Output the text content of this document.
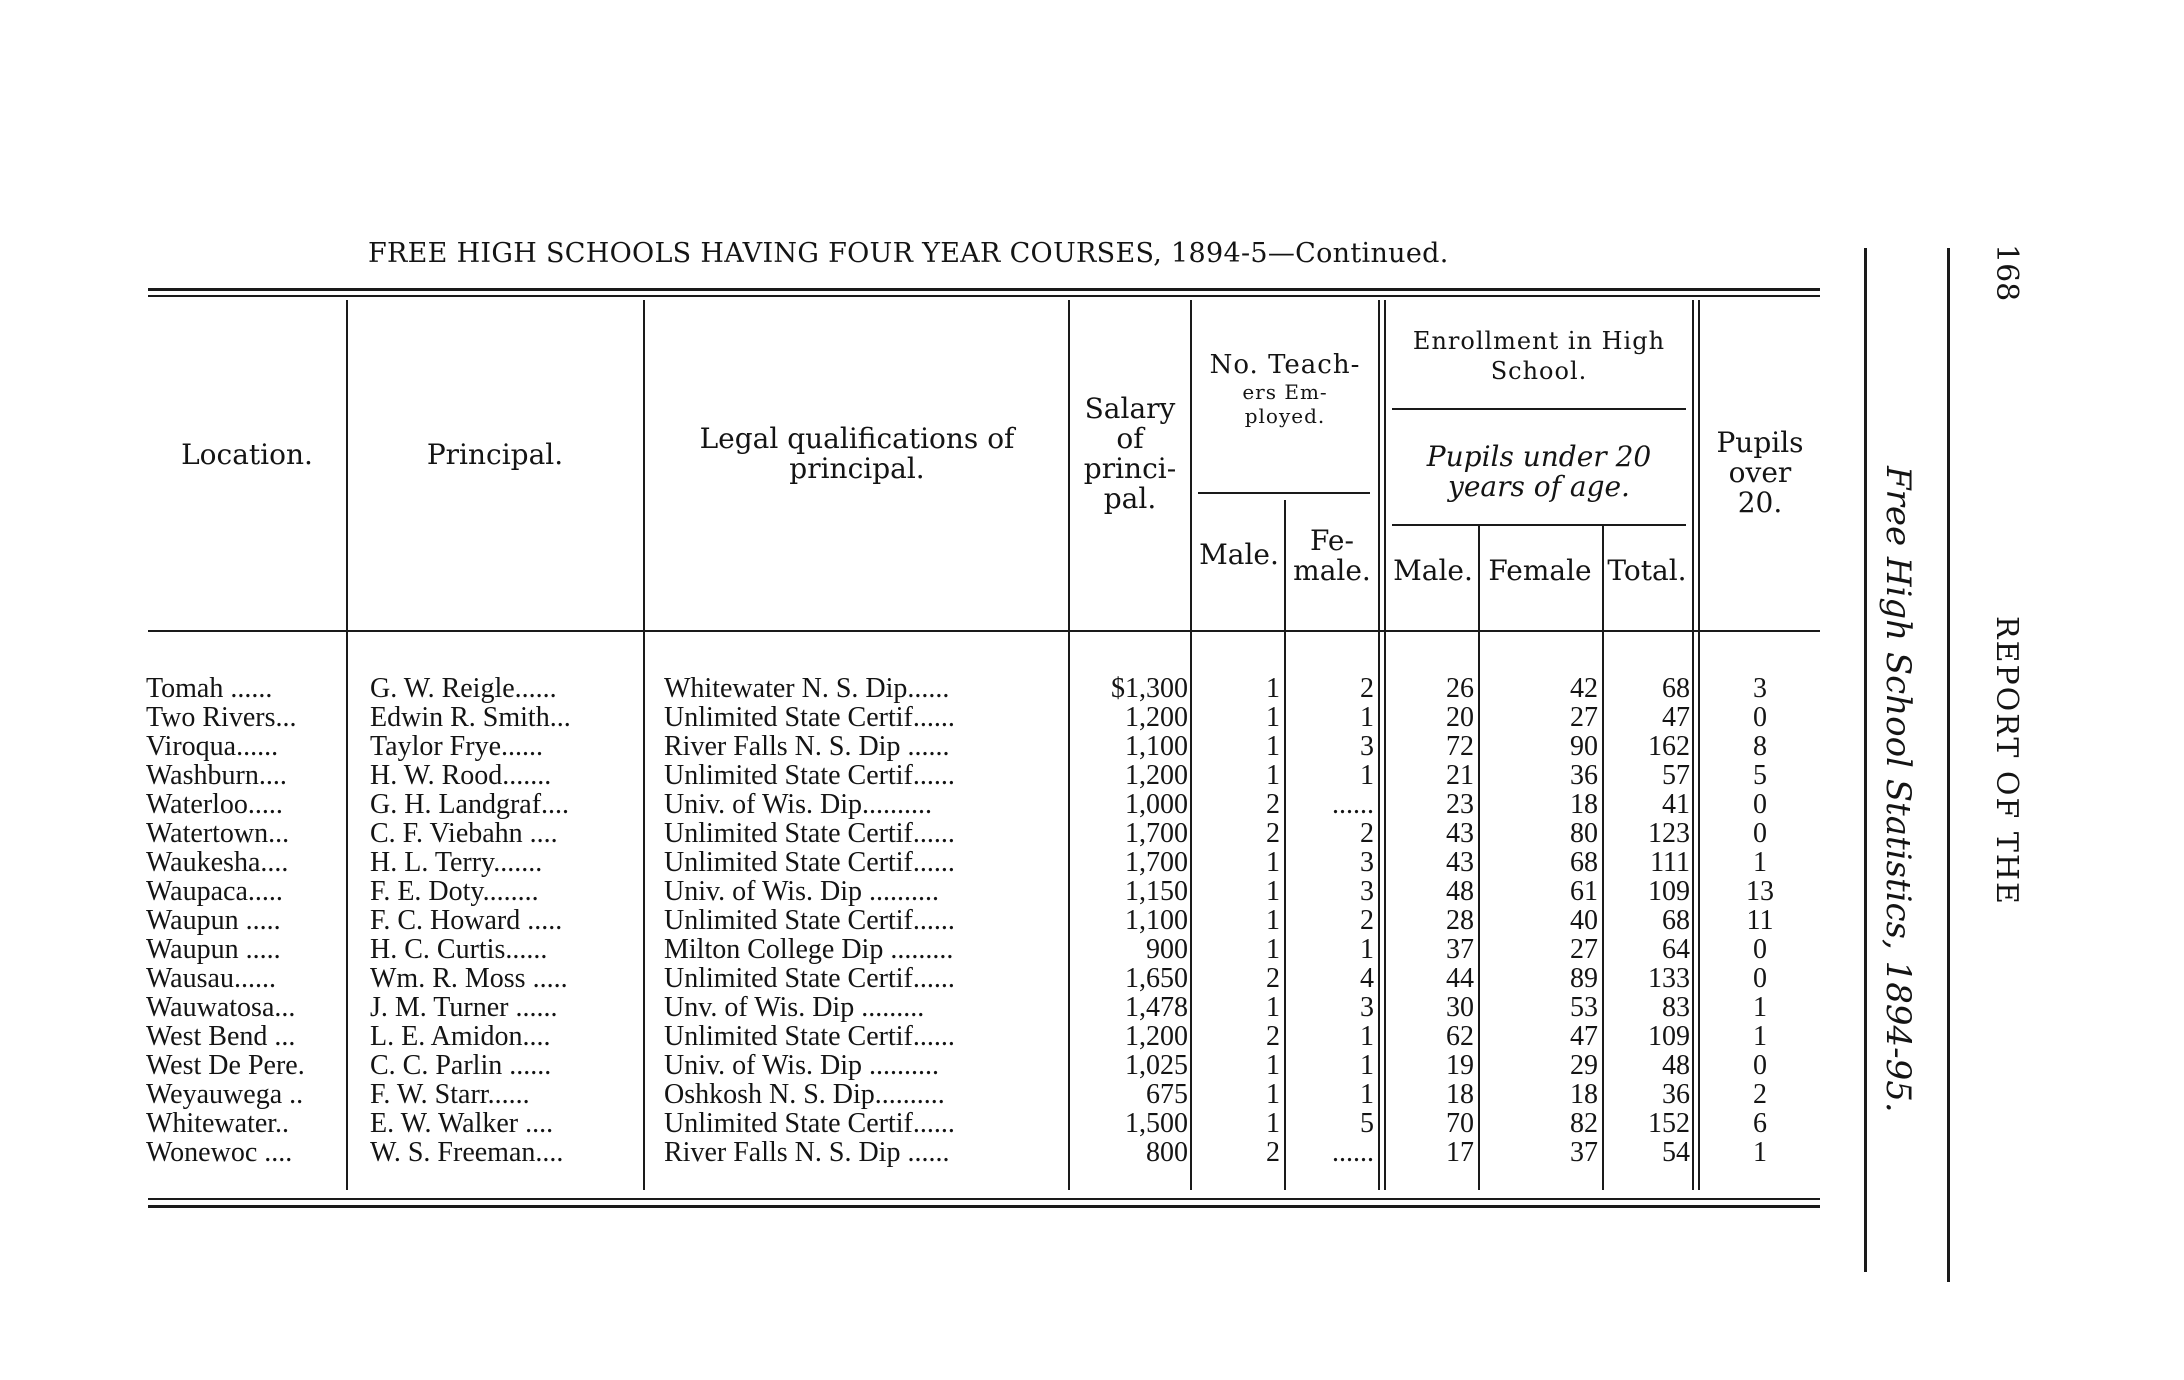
FREE HIGH SCHOOLS HAVING FOUR YEAR COURSES, 1894-5—Continued.
Location.	Principal.	Legal qualifications of
principal.
Salary
of
princi-
pal.
No. Teach-
ers Em-
ployed.
Male.	Fe-
male.
Enrollment in High
School.
Pupils under 20
years of age.
Male. Female Total.
Pupils
over 20.
Tomah ......	G. W. Reigle......	Whitewater N. S. Dip......	$1,300	1	2	26	42	68	3
Two Rivers...	Edwin R. Smith...	Unlimited State Certif......	1,200	1	1	20	27	47	0
Viroqua......	Taylor Frye......	River Falls N. S. Dip ......	1,100	1	3	72	90	162	8
Washburn....	H. W. Rood.......	Unlimited State Certif......	1,200	1	1	21	36	57	5
Waterloo.....	G. H. Landgraf....	Univ. of Wis. Dip..........	1,000	2	......	23	18	41	0
Watertown...	C. F. Viebahn ....	Unlimited State Certif......	1,700	2	2	43	80	123	0
Waukesha....	H. L. Terry.......	Unlimited State Certif......	1,700	1	3	43	68	111	1
Waupaca.....	F. E. Doty........	Univ. of Wis. Dip ..........	1,150	1	3	48	61	109	13
Waupun .....	F. C. Howard .....	Unlimited State Certif......	1,100	1	2	28	40	68	11
Waupun .....	H. C. Curtis......	Milton College Dip .........	900	1	1	37	27	64	0
Wausau......	Wm. R. Moss .....	Unlimited State Certif......	1,650	2	4	44	89	133	0
Wauwatosa...	J. M. Turner ......	Unv. of Wis. Dip .........	1,478	1	3	30	53	83	1
West Bend ...	L. E. Amidon....	Unlimited State Certif......	1,200	2	1	62	47	109	1
West De Pere.	C. C. Parlin ......	Univ. of Wis. Dip ..........	1,025	1	1	19	29	48	0
Weyauwega ..	F. W. Starr......	Oshkosh N. S. Dip..........	675	1	1	18	18	36	2
Whitewater..	E. W. Walker ....	Unlimited State Certif......	1,500	1	5	70	82	152	6
Wonewoc ....	W. S. Freeman....	River Falls N. S. Dip ......	800	2	......	17	37	54	1
Free High School Statistics, 1894-95. REPORT OF THE
168
